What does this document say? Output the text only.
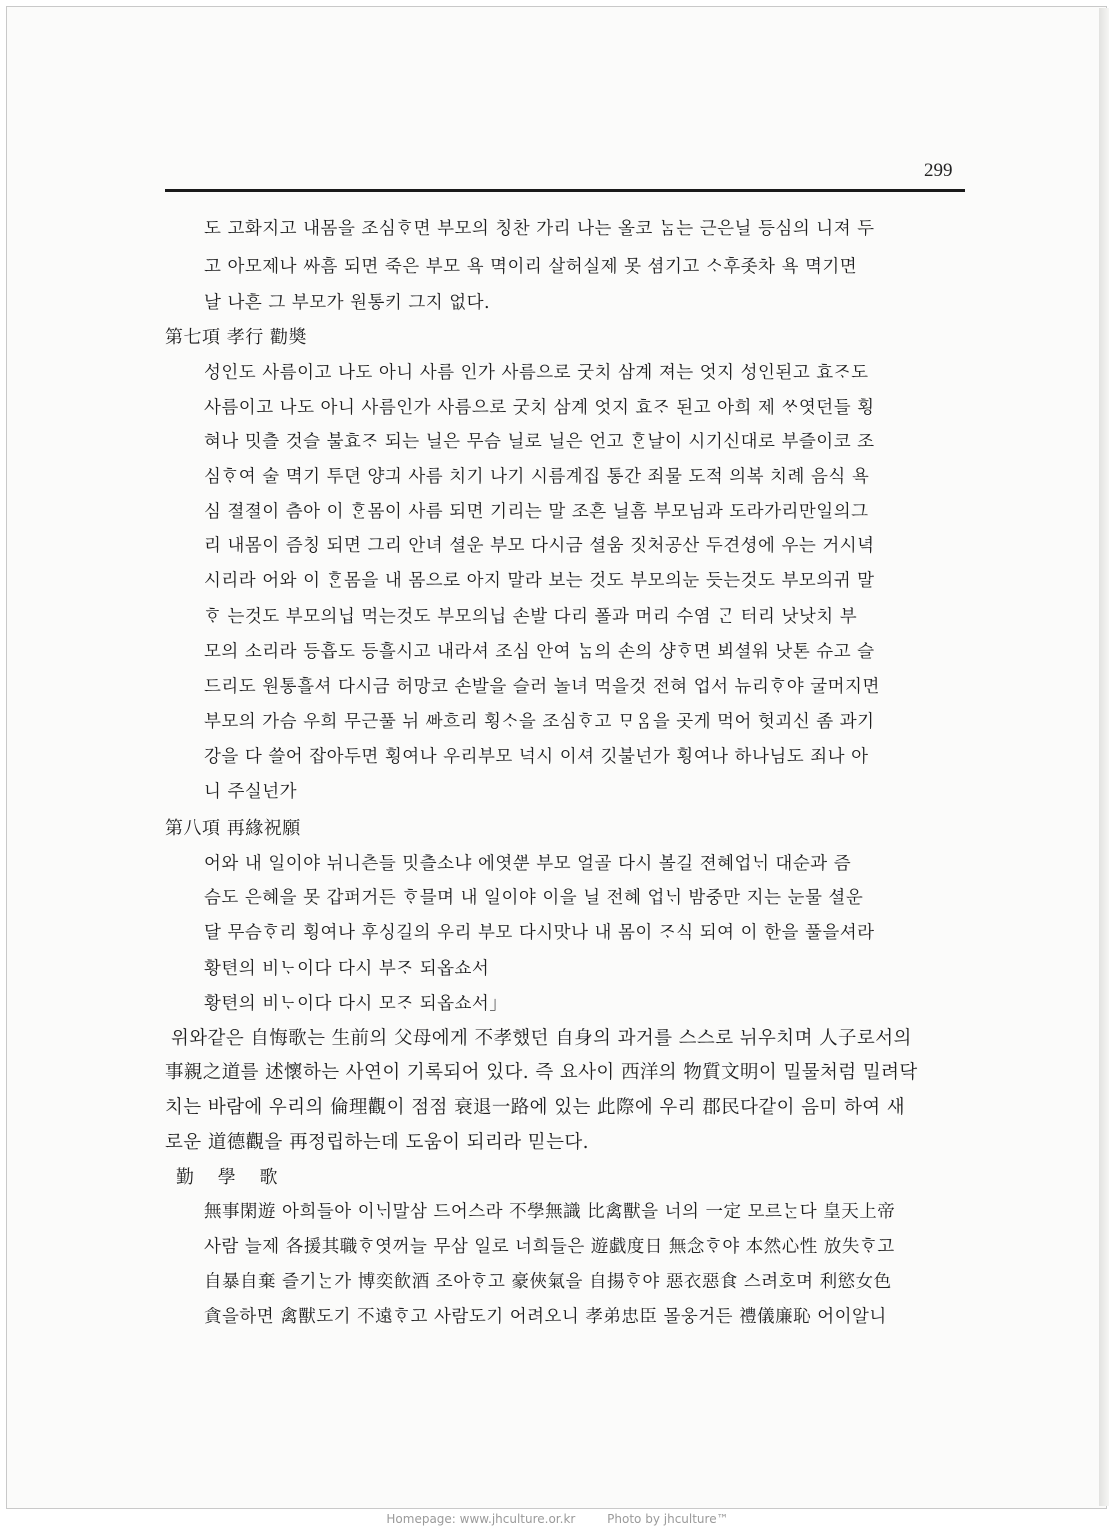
299
도 고화지고 내몸을 조심ᄒᆞ면 부모의 칭찬 가리 나는 올코 ᄂᆞᆷ는 근은닐 등심의 니져 두
고 아모제나 싸흠 되면 죽은 부모 욕 멱이리 살허실제 못 셤기고 ᄉᆞ후좃차 욕 멱기면
날 나흔 그 부모가 원통키 그지 없다.
第七項 孝行 勸奬
성인도 사름이고 나도 아니 사름 인가 사름으로 굿치 삼계 져는 엇지 성인된고 효ᄌᆞ도
사름이고 나도 아니 사름인가 사름으로 굿치 삼계 엇지 효ᄌᆞ 된고 아희 제 ᄊᆞ엿던들 횡
혀나 밋츨 것슬 불효ᄌᆞ 되는 닐은 무슴 닐로 닐은 언고 ᄒᆞᆫ날이 시기신대로 부즐이코 조
심ᄒᆞ여 술 멱기 투뎐 양긔 사름 치기 나기 시름계집 통간 죄물 도적 의복 치례 음식 욕
심 졀졀이 츰아 이 ᄒᆞᆫ몸이 사름 되면 기리는 말 조흔 닐흠 부모님과 도라가리만일의그
리 내몸이 즘칭 되면 그리 안녀 셜운 부모 다시금 셜움 짓처공산 두견셩에 우는 거시녁
시리라 어와 이 ᄒᆞᆫ몸을 내 몸으로 아지 말라 보는 것도 부모의눈 듯는것도 부모의귀 말
ᄒᆞ 는것도 부모의닙 먹는것도 부모의닙 손발 다리 폴과 머리 수염 ᄀᆞᆫ 터리 낫낫치 부
모의 소리라 등흡도 등흘시고 내라셔 조심 안여 ᄂᆞᆷ의 손의 샹ᄒᆞ면 뵈셜워 낫톤 슈고 슬
드리도 원통흘셔 다시금 허망코 손발을 슬러 놀녀 먹을것 전혀 업서 뉴리ᄒᆞ야 굴머지면
부모의 가슴 우희 무근풀 뉘 ᄲᅡ흐리 횡ᄉᆞ을 조심ᄒᆞ고 ᄆᆞᄋᆞᆷ을 곳게 먹어 헛괴신 좀 과기
강을 다 쓸어 잡아두면 횡여나 우리부모 넉시 이셔 깃불넌가 횡여나 하나님도 죄나 아
니 주실넌가
第八項 再緣祝願
어와 내 일이야 뉘니츤들 밋츨소냐 에엿ᄲᅮᆫ 부모 얼골 다시 볼길 젼혜업ᄂᆡ 대순과 즘
슴도 은혜을 못 갑퍼거든 ᄒᆞ믈며 내 일이야 이을 닐 전혜 업ᄂᆡ 밤중만 지는 눈물 셜운
달 무슴ᄒᆞ리 횡여나 후싱길의 우리 부모 다시맛나 내 몸이 ᄌᆞ식 되여 이 한을 풀을셔라
황텬의 비ᄂᆞ이다 다시 부ᄌᆞ 되옵쇼서
황텬의 비ᄂᆞ이다 다시 모ᄌᆞ 되옵쇼서」
위와같은 自悔歌는 生前의 父母에게 不孝했던 自身의 과거를 스스로 뉘우치며 人子로서의
事親之道를 述懷하는 사연이 기록되어 있다. 즉 요사이 西洋의 物質文明이 밀물처럼 밀려닥
치는 바람에 우리의 倫理觀이 점점 衰退一路에 있는 此際에 우리 郡民다같이 음미 하여 새
로운 道德觀을 再정립하는데 도움이 되리라 믿는다.
勤 學 歌
無事閑遊 아희들아 이ᄂᆡ말삼 드어스라 不學無識 比禽獸을 너의 一定 모르ᄂᆞᆫ다 皇天上帝
사람 늘제 各援其職ᄒᆞ엿꺼늘 무삼 일로 너희들은 遊戱度日 無念ᄒᆞ야 本然心性 放失ᄒᆞ고
自暴自棄 즐기ᄂᆞᆫ가 博奕飮酒 조아ᄒᆞ고 豪俠氣을 自揚ᄒᆞ야 惡衣惡食 스려호며 利慾女色
貪을하면 禽獸도기 不遠ᄒᆞ고 사람도기 어려오니 孝弟忠臣 몰웅거든 禮儀廉恥 어이알니
Homepage: www.jhculture.or.kr	Photo by jhculture™
